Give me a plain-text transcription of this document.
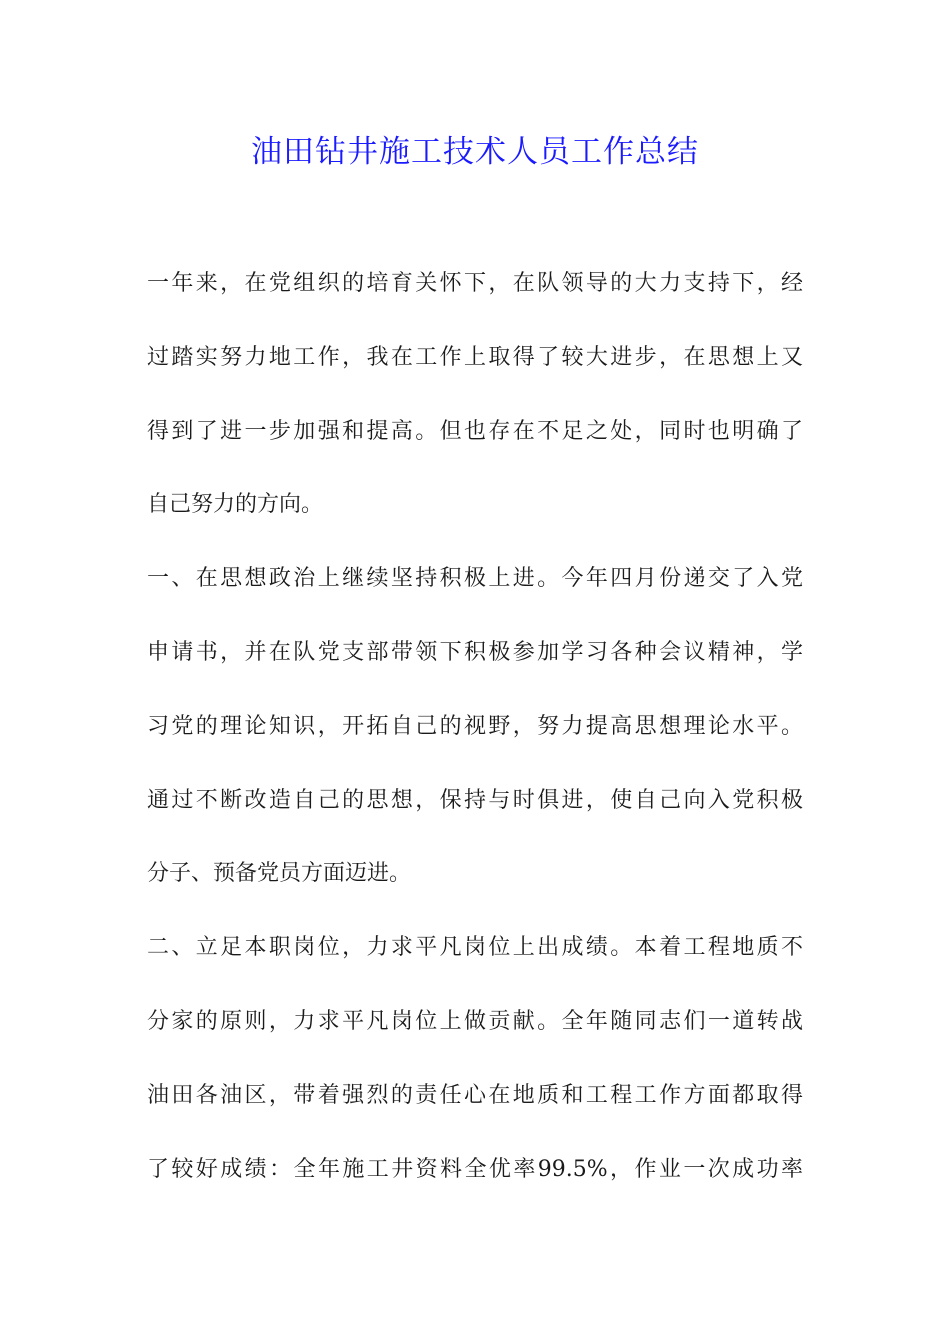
油田钻井施工技术人员工作总结
一年来，在党组织的培育关怀下，在队领导的大力支持下，经
过踏实努力地工作，我在工作上取得了较大进步，在思想上又
得到了进一步加强和提高。但也存在不足之处，同时也明确了
自己努力的方向。
一、在思想政治上继续坚持积极上进。今年四月份递交了入党
申请书，并在队党支部带领下积极参加学习各种会议精神，学
习党的理论知识，开拓自己的视野，努力提高思想理论水平。
通过不断改造自己的思想，保持与时俱进，使自己向入党积极
分子、预备党员方面迈进。
二、立足本职岗位，力求平凡岗位上出成绩。本着工程地质不
分家的原则，力求平凡岗位上做贡献。全年随同志们一道转战
油田各油区，带着强烈的责任心在地质和工程工作方面都取得
了较好成绩：全年施工井资料全优率99.5%，作业一次成功率
